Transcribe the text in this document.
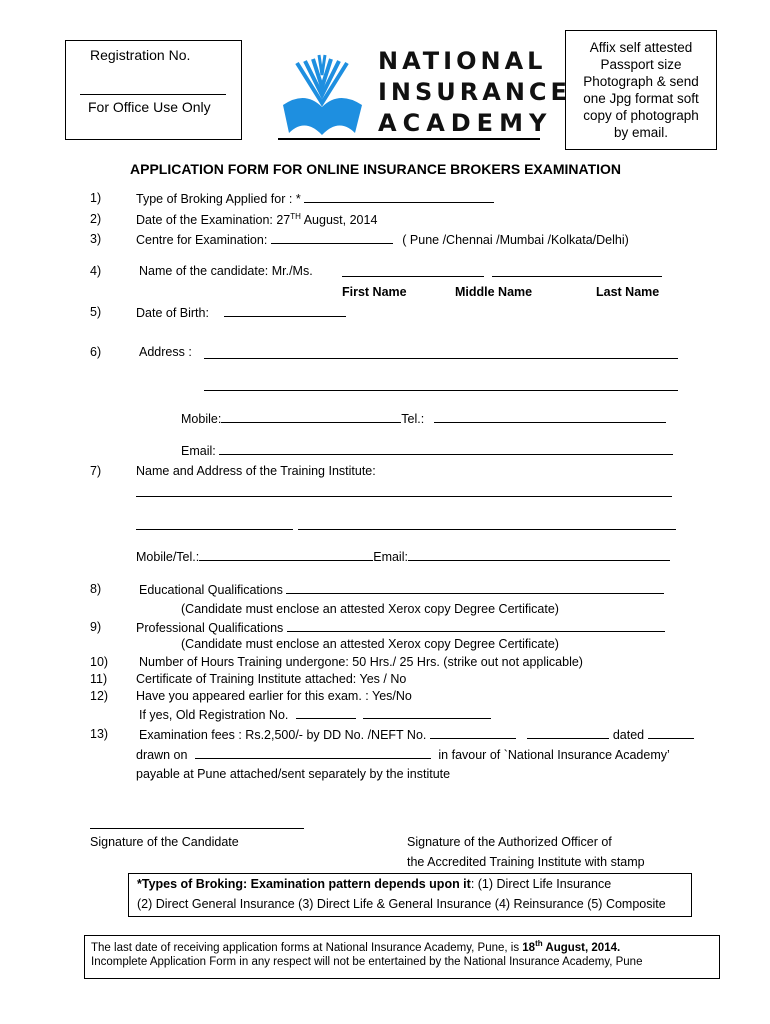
Registration No.
For Office Use Only
NATIONAL
INSURANCE
ACADEMY
Affix self attested
Passport size
Photograph & send
one Jpg format soft
copy of photograph
by email.
APPLICATION FORM FOR ONLINE INSURANCE BROKERS EXAMINATION
1)	Type of Broking Applied for : *
2)	Date of the Examination: 27TH August, 2014
3)	Centre for Examination:	( Pune /Chennai /Mumbai /Kolkata/Delhi)
4)	Name of the candidate: Mr./Ms.
First Name	Middle Name	Last Name
5)	Date of Birth:
6)	Address :
Mobile:	Tel.:
Email:
7)	Name and Address of the Training Institute:
Mobile/Tel.:	Email:
8)	Educational Qualifications
(Candidate must enclose an attested Xerox copy Degree Certificate)
9)	Professional Qualifications
(Candidate must enclose an attested Xerox copy Degree Certificate)
10) Number of Hours Training undergone: 50 Hrs./ 25 Hrs. (strike out not applicable)
11) Certificate of Training Institute attached: Yes / No
12) Have you appeared earlier for this exam. : Yes/No
If yes, Old Registration No.
13) Examination fees : Rs.2,500/- by DD No. /NEFT No.	dated
drawn on	in favour of `National Insurance Academy’
payable at Pune attached/sent separately by the institute
Signature of the Candidate	Signature of the Authorized Officer of
the Accredited Training Institute with stamp
*Types of Broking: Examination pattern depends upon it: (1) Direct Life Insurance
(2) Direct General Insurance (3) Direct Life & General Insurance (4) Reinsurance (5) Composite
The last date of receiving application forms at National Insurance Academy, Pune, is 18th August, 2014.
Incomplete Application Form in any respect will not be entertained by the National Insurance Academy, Pune
